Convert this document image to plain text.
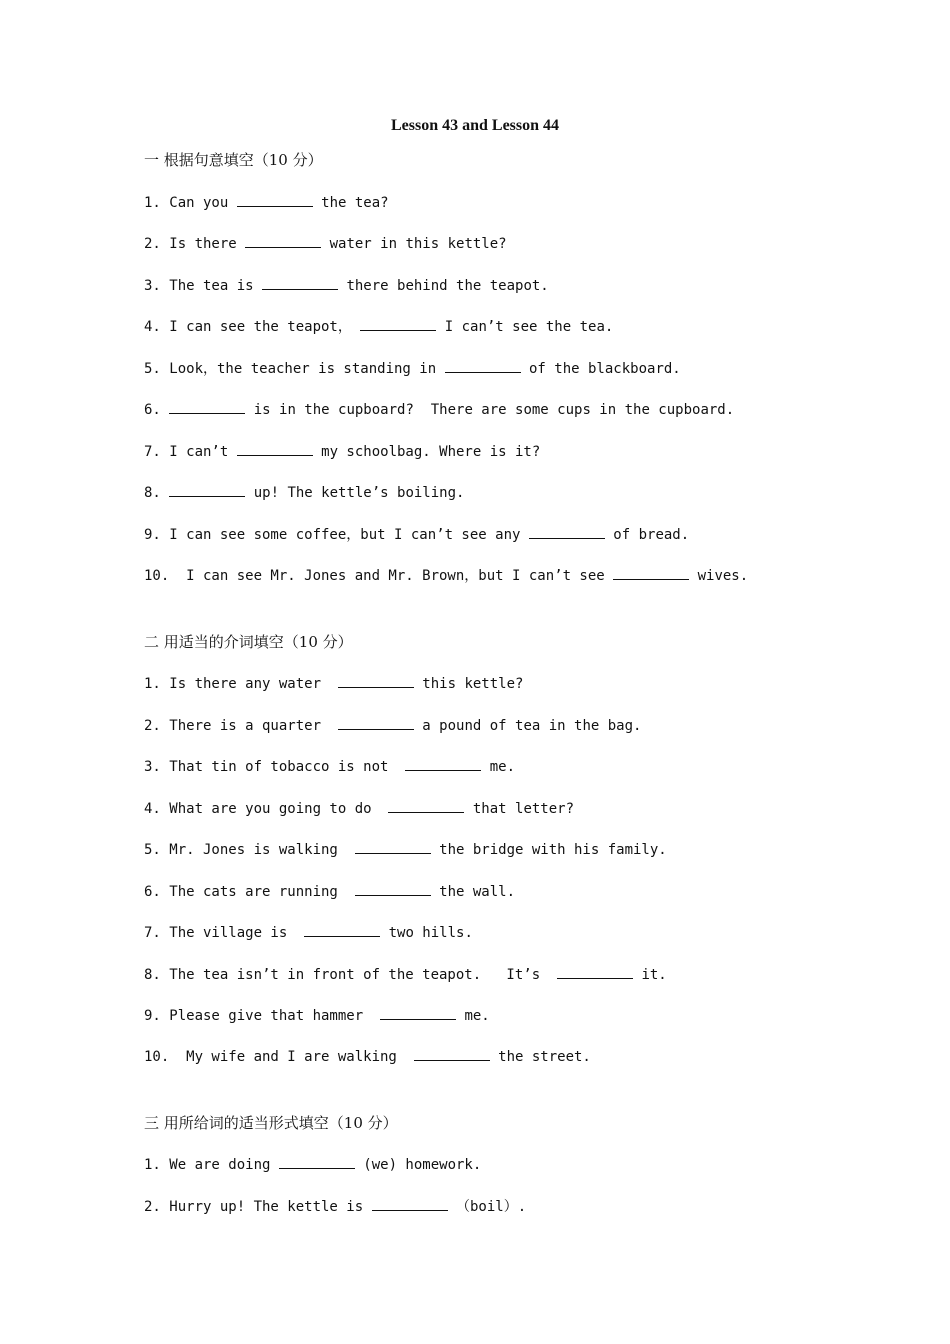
Lesson 43 and Lesson 44
一 根据句意填空（10 分）
1. Can you	the tea?
2. Is there	water in this kettle?
3. The tea is	there behind the teapot.
4. I can see the teapot，	I can’t see the tea.
5. Look，the teacher is standing in	of the blackboard.
6.	is in the cupboard?  There are some cups in the cupboard.
7. I can’t	my schoolbag. Where is it?
8.	up! The kettle’s boiling.
9. I can see some coffee，but I can’t see any	of bread.
10.  I can see Mr. Jones and Mr. Brown，but I can’t see	wives.
二 用适当的介词填空（10 分）
1. Is there any water	this kettle?
2. There is a quarter	a pound of tea in the bag.
3. That tin of tobacco is not	me.
4. What are you going to do	that letter?
5. Mr. Jones is walking	the bridge with his family.
6. The cats are running	the wall.
7. The village is	two hills.
8. The tea isn’t in front of the teapot.   It’s	it.
9. Please give that hammer	me.
10.  My wife and I are walking	the street.
三 用所给词的适当形式填空（10 分）
1. We are doing	(we) homework.
2. Hurry up! The kettle is	（boil）.
